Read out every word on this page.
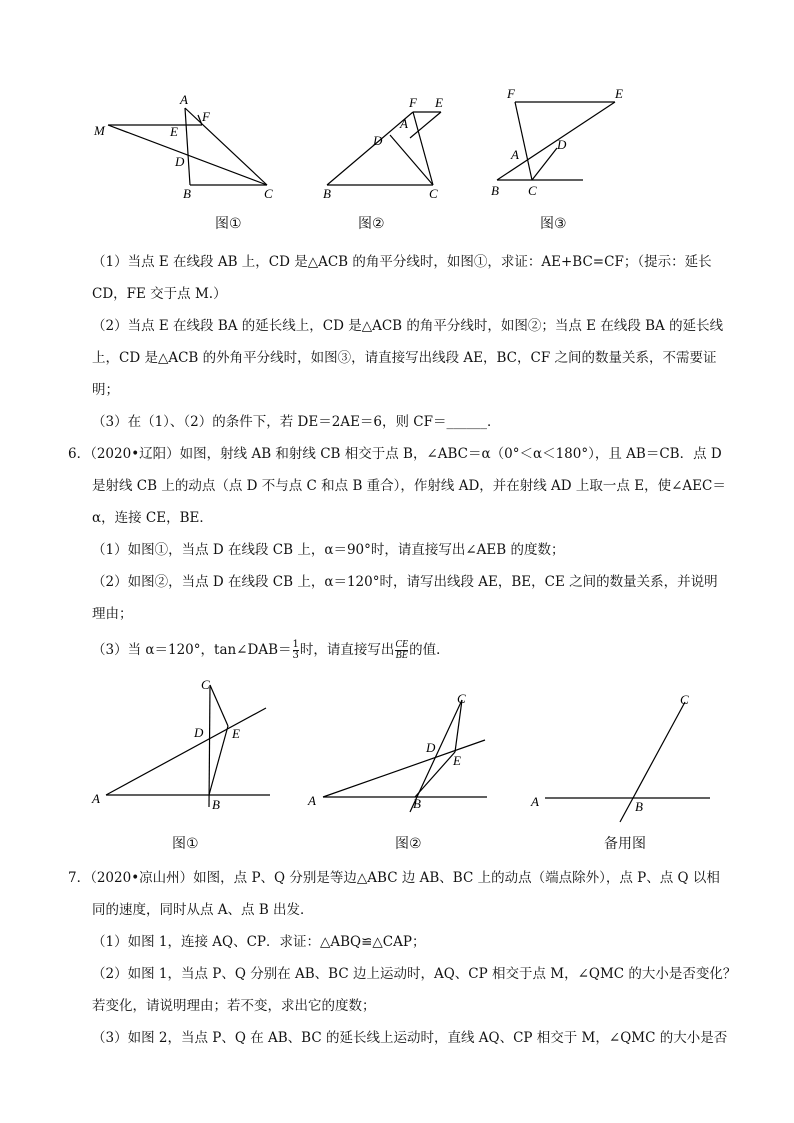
A
F
M	E
D
B	C
图①
F E
A
D
B	C
图②
F	E
D
A
B C
图③
（1）当点 E 在线段 AB 上，CD 是△ACB 的角平分线时，如图①，求证：AE+BC=CF；（提示：延长
CD，FE 交于点 M.）
（2）当点 E 在线段 BA 的延长线上，CD 是△ACB 的角平分线时，如图②；当点 E 在线段 BA 的延长线
上，CD 是△ACB 的外角平分线时，如图③，请直接写出线段 AE，BC，CF 之间的数量关系，不需要证
明；
（3）在（1）、（2）的条件下，若 DE＝2AE＝6，则 CF＝______．
6．（2020•辽阳）如图，射线 AB 和射线 CB 相交于点 B，∠ABC＝α（0°＜α＜180°），且 AB＝CB．点 D
是射线 CB 上的动点（点 D 不与点 C 和点 B 重合），作射线 AD，并在射线 AD 上取一点 E，使∠AEC＝
α，连接 CE，BE．
（1）如图①，当点 D 在线段 CB 上，α＝90°时，请直接写出∠AEB 的度数；
（2）如图②，当点 D 在线段 CB 上，α＝120°时，请写出线段 AE，BE，CE 之间的数量关系，并说明
理由；
（3）当 α＝120°，tan∠DAB＝ $\frac{1}{3}$ 时，请直接写出 $\frac{CE}{BE}$ 的值．
C
D E
A	B
图①
C
D
E
A	B
图②
C
A	B
备用图
7．（2020•凉山州）如图，点 P、Q 分别是等边△ABC 边 AB、BC 上的动点（端点除外），点 P、点 Q 以相
同的速度，同时从点 A、点 B 出发．
（1）如图 1，连接 AQ、CP．求证：△ABQ≌△CAP；
（2）如图 1，当点 P、Q 分别在 AB、BC 边上运动时，AQ、CP 相交于点 M，∠QMC 的大小是否变化？
若变化，请说明理由；若不变，求出它的度数；
（3）如图 2，当点 P、Q 在 AB、BC 的延长线上运动时，直线 AQ、CP 相交于 M，∠QMC 的大小是否
